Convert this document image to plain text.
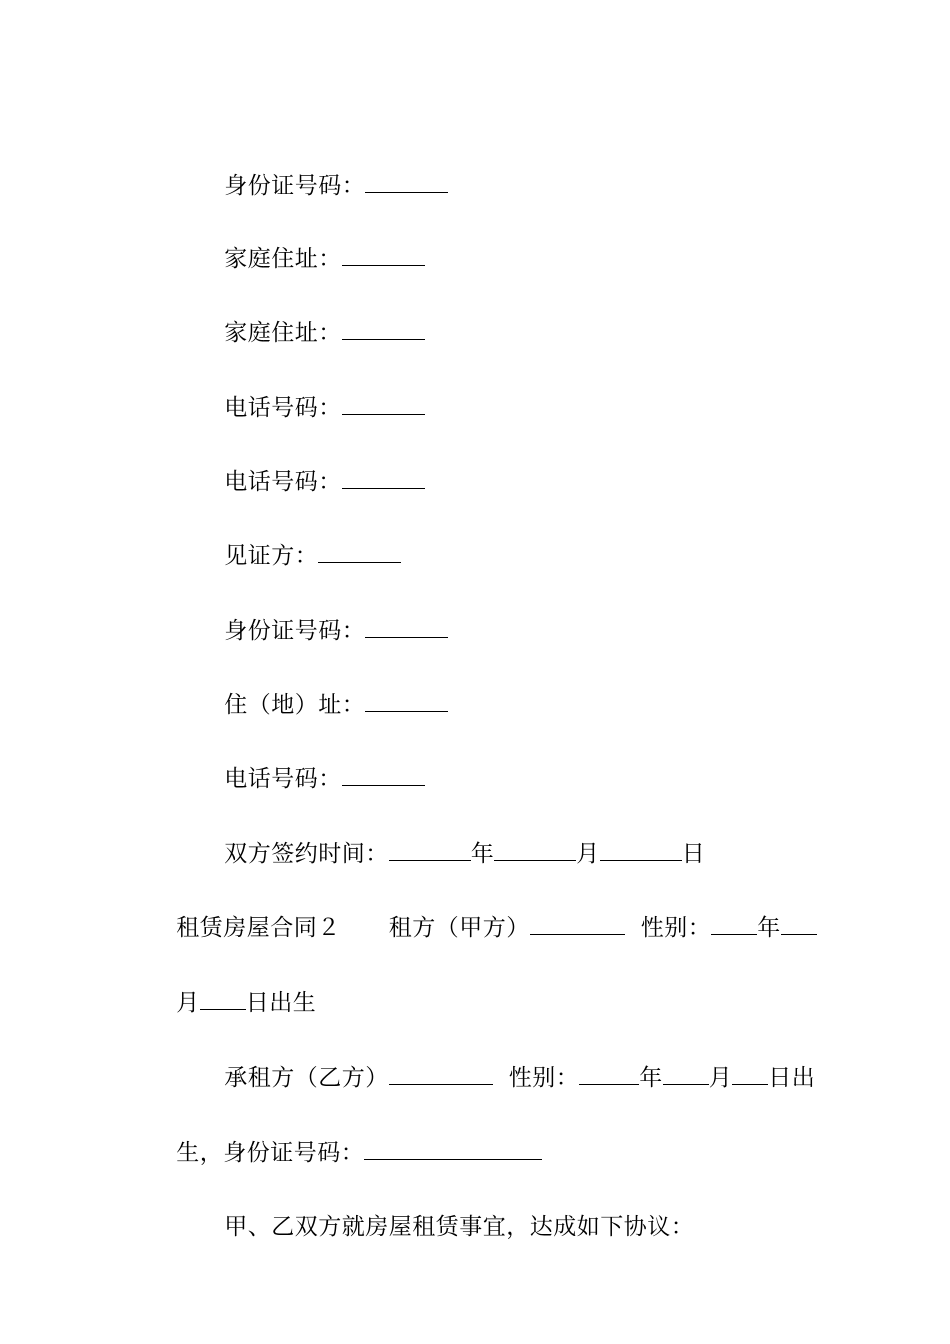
身份证号码：

家庭住址：

家庭住址：

电话号码：

电话号码：

见证方：

身份证号码：

住（地）址：

电话号码：

双方签约时间：	年	月	日

租赁房屋合同２ 租方（甲方）	性别： 年

月 日出生

承租方（乙方）	性别：	年 月 日出

生，身份证号码：

甲、乙双方就房屋租赁事宜，达成如下协议：
